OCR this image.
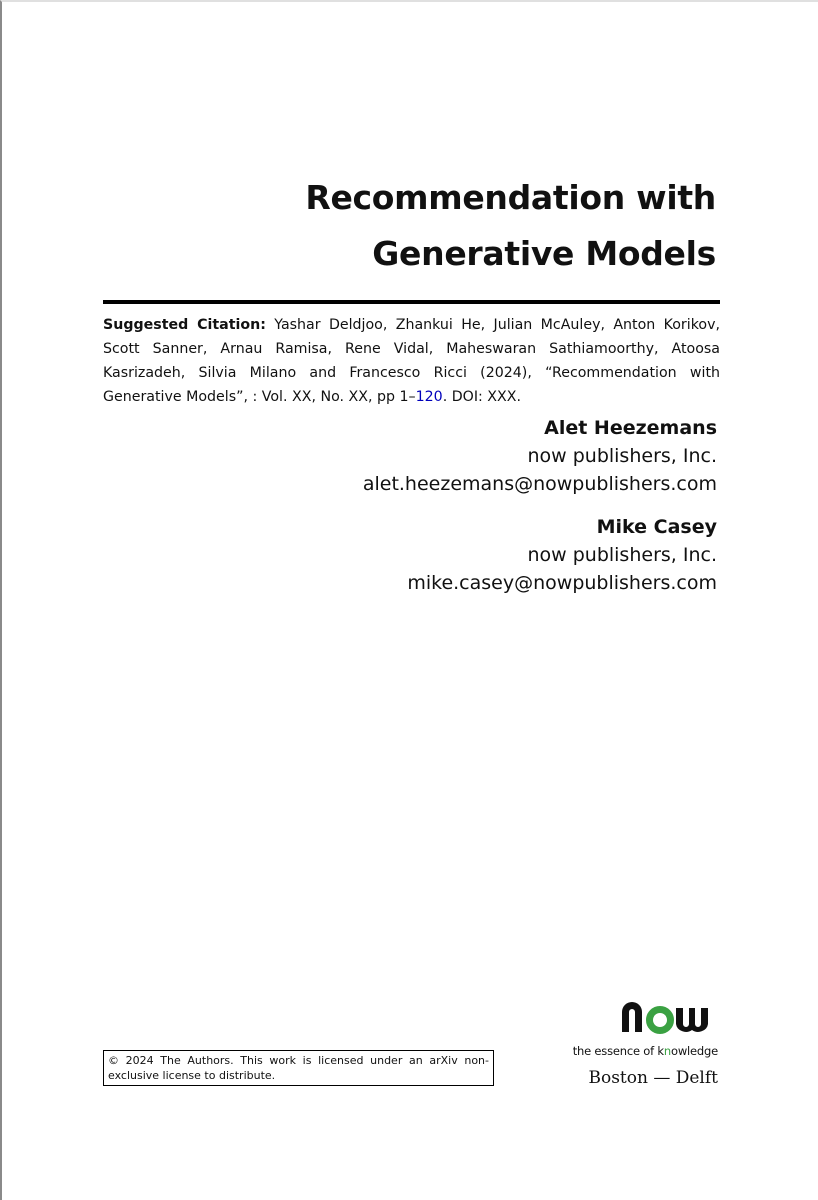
Recommendation with Generative Models
Suggested Citation: Yashar Deldjoo, Zhankui He, Julian McAuley, Anton Korikov, Scott Sanner, Arnau Ramisa, Rene Vidal, Maheswaran Sathiamoorthy, Atoosa Kasrizadeh, Silvia Milano and Francesco Ricci (2024), “Recommendation with Generative Models”, : Vol. XX, No. XX, pp 1–120. DOI: XXX.
Alet Heezemans
now publishers, Inc.
alet.heezemans@nowpublishers.com
Mike Casey
now publishers, Inc.
mike.casey@nowpublishers.com
© 2024 The Authors. This work is licensed under an arXiv non-exclusive license to distribute.
the essence of knowledge
Boston — Delft
